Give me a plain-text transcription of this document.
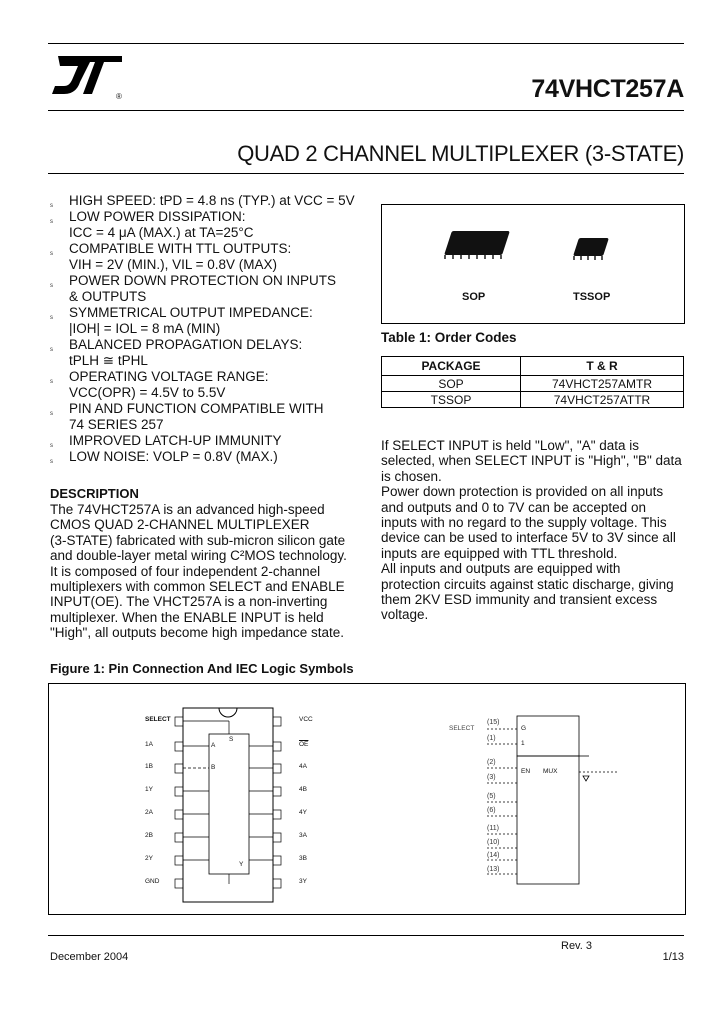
®	74VHCT257A
QUAD 2 CHANNEL MULTIPLEXER (3-STATE)
s HIGH SPEED: tPD = 4.8 ns (TYP.) at VCC = 5V
s LOW POWER DISSIPATION:
ICC = 4 μA (MAX.) at TA=25°C
s COMPATIBLE WITH TTL OUTPUTS:
VIH = 2V (MIN.), VIL = 0.8V (MAX)
s POWER DOWN PROTECTION ON INPUTS
& OUTPUTS
s SYMMETRICAL OUTPUT IMPEDANCE:
|IOH| = IOL = 8 mA (MIN)
s BALANCED PROPAGATION DELAYS:
tPLH ≅ tPHL
s OPERATING VOLTAGE RANGE:
VCC(OPR) = 4.5V to 5.5V
s PIN AND FUNCTION COMPATIBLE WITH
74 SERIES 257
s IMPROVED LATCH-UP IMMUNITY
s LOW NOISE: VOLP = 0.8V (MAX.)
SOP	TSSOP
Table 1: Order Codes
PACKAGE	T & R
SOP	74VHCT257AMTR
TSSOP	74VHCT257ATTR
DESCRIPTION
The 74VHCT257A is an advanced high-speed
CMOS QUAD 2-CHANNEL MULTIPLEXER
(3-STATE) fabricated with sub-micron silicon gate
and double-layer metal wiring C²MOS technology.
It is composed of four independent 2-channel
multiplexers with common SELECT and ENABLE
INPUT(OE). The VHCT257A is a non-inverting
multiplexer. When the ENABLE INPUT is held
"High", all outputs become high impedance state.
If SELECT INPUT is held "Low", "A" data is
selected, when SELECT INPUT is "High", "B" data
is chosen.
Power down protection is provided on all inputs
and outputs and 0 to 7V can be accepted on
inputs with no regard to the supply voltage. This
device can be used to interface 5V to 3V since all
inputs are equipped with TTL threshold.
All inputs and outputs are equipped with
protection circuits against static discharge, giving
them 2KV ESD immunity and transient excess
voltage.
Figure 1: Pin Connection And IEC Logic Symbols
SELECT
1A
1B
1Y
2A
2B
2Y
GND
VCC
$\overline{OE}$
4A
4B
4Y
3A
3B
3Y
S
A
B
Y
SELECT	G
1
MUX
EN
(15)
(1)
(2)
(3)
(5)
(6)
(11)
(10)
(14)
(13)
Rev. 3
December 2004	1/13
